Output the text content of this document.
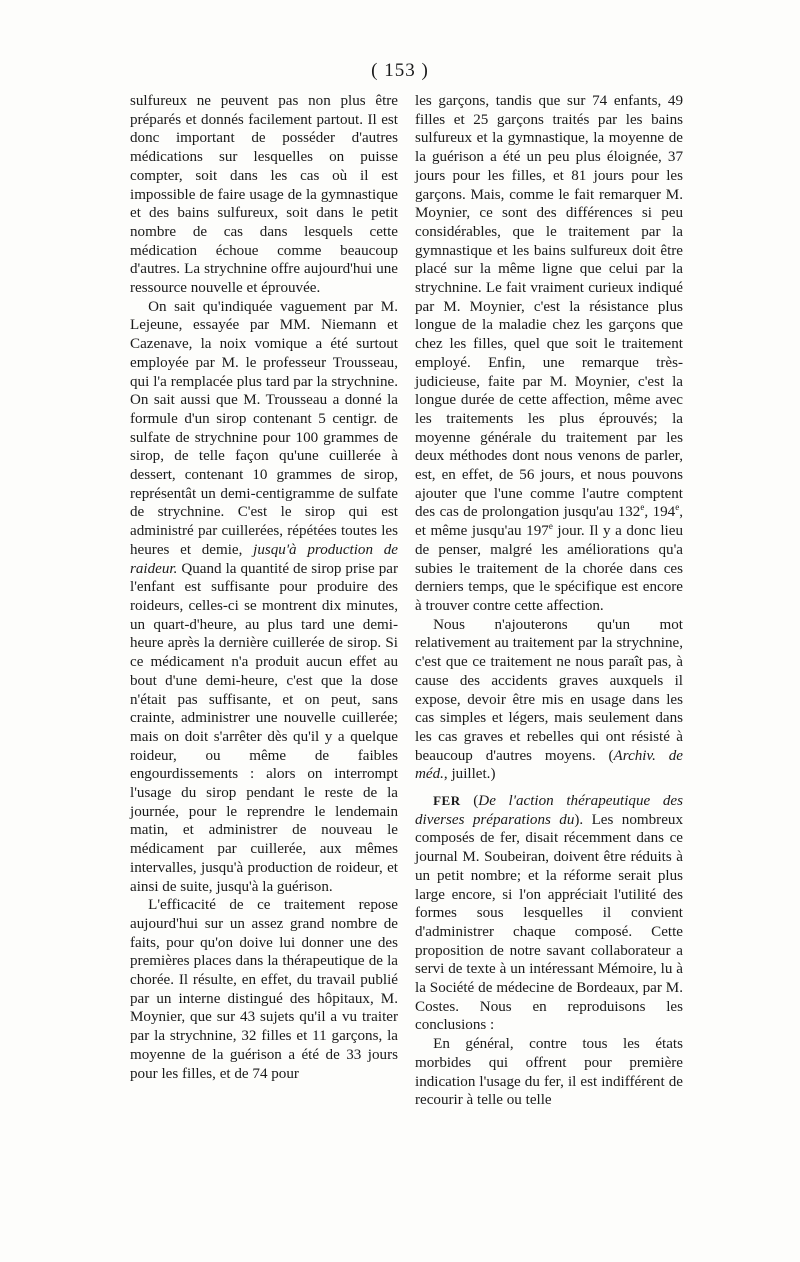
( 153 )

sulfureux ne peuvent pas non plus être préparés et donnés facilement partout. Il est donc important de posséder d'autres médications sur lesquelles on puisse compter, soit dans les cas où il est impossible de faire usage de la gymnastique et des bains sulfureux, soit dans le petit nombre de cas dans lesquels cette médication échoue comme beaucoup d'autres. La strychnine offre aujourd'hui une ressource nouvelle et éprouvée.

On sait qu'indiquée vaguement par M. Lejeune, essayée par MM. Niemann et Cazenave, la noix vomique a été surtout employée par M. le professeur Trousseau, qui l'a remplacée plus tard par la strychnine. On sait aussi que M. Trousseau a donné la formule d'un sirop contenant 5 centigr. de sulfate de strychnine pour 100 grammes de sirop, de telle façon qu'une cuillerée à dessert, contenant 10 grammes de sirop, représentât un demi-centigramme de sulfate de strychnine. C'est le sirop qui est administré par cuillerées, répétées toutes les heures et demie, jusqu'à production de raideur. Quand la quantité de sirop prise par l'enfant est suffisante pour produire des roideurs, celles-ci se montrent dix minutes, un quart-d'heure, au plus tard une demi-heure après la dernière cuillerée de sirop. Si ce médicament n'a produit aucun effet au bout d'une demi-heure, c'est que la dose n'était pas suffisante, et on peut, sans crainte, administrer une nouvelle cuillerée; mais on doit s'arrêter dès qu'il y a quelque roideur, ou même de faibles engourdissements : alors on interrompt l'usage du sirop pendant le reste de la journée, pour le reprendre le lendemain matin, et administrer de nouveau le médicament par cuillerée, aux mêmes intervalles, jusqu'à production de roideur, et ainsi de suite, jusqu'à la guérison.

L'efficacité de ce traitement repose aujourd'hui sur un assez grand nombre de faits, pour qu'on doive lui donner une des premières places dans la thérapeutique de la chorée. Il résulte, en effet, du travail publié par un interne distingué des hôpitaux, M. Moynier, que sur 43 sujets qu'il a vu traiter par la strychnine, 32 filles et 11 garçons, la moyenne de la guérison a été de 33 jours pour les filles, et de 74 pour

les garçons, tandis que sur 74 enfants, 49 filles et 25 garçons traités par les bains sulfureux et la gymnastique, la moyenne de la guérison a été un peu plus éloignée, 37 jours pour les filles, et 81 jours pour les garçons. Mais, comme le fait remarquer M. Moynier, ce sont des différences si peu considérables, que le traitement par la gymnastique et les bains sulfureux doit être placé sur la même ligne que celui par la strychnine. Le fait vraiment curieux indiqué par M. Moynier, c'est la résistance plus longue de la maladie chez les garçons que chez les filles, quel que soit le traitement employé. Enfin, une remarque très-judicieuse, faite par M. Moynier, c'est la longue durée de cette affection, même avec les traitements les plus éprouvés; la moyenne générale du traitement par les deux méthodes dont nous venons de parler, est, en effet, de 56 jours, et nous pouvons ajouter que l'une comme l'autre comptent des cas de prolongation jusqu'au 132e, 194e, et même jusqu'au 197e jour. Il y a donc lieu de penser, malgré les améliorations qu'a subies le traitement de la chorée dans ces derniers temps, que le spécifique est encore à trouver contre cette affection.

Nous n'ajouterons qu'un mot relativement au traitement par la strychnine, c'est que ce traitement ne nous paraît pas, à cause des accidents graves auxquels il expose, devoir être mis en usage dans les cas simples et légers, mais seulement dans les cas graves et rebelles qui ont résisté à beaucoup d'autres moyens. (Archiv. de méd., juillet.)

FER (De l'action thérapeutique des diverses préparations du). Les nombreux composés de fer, disait récemment dans ce journal M. Soubeiran, doivent être réduits à un petit nombre; et la réforme serait plus large encore, si l'on appréciait l'utilité des formes sous lesquelles il convient d'administrer chaque composé. Cette proposition de notre savant collaborateur a servi de texte à un intéressant Mémoire, lu à la Société de médecine de Bordeaux, par M. Costes. Nous en reproduisons les conclusions :

En général, contre tous les états morbides qui offrent pour première indication l'usage du fer, il est indifférent de recourir à telle ou telle
